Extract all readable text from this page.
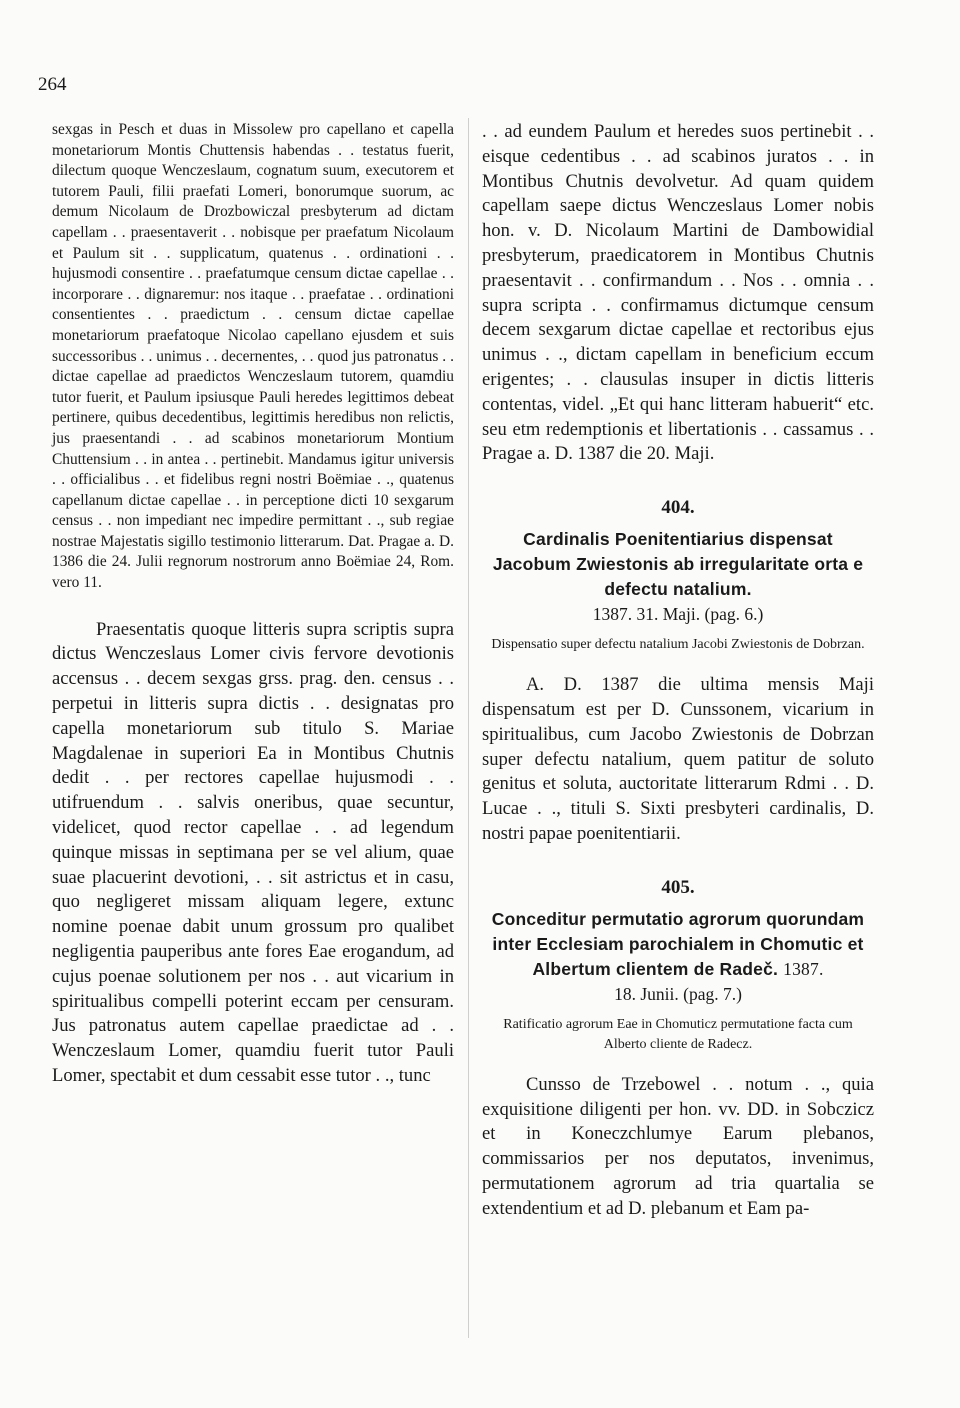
264

sexgas in Pesch et duas in Missolew pro capellano et capella monetariorum Montis Chuttensis habendas . . testatus fuerit, dilectum quoque Wenczeslaum, cognatum suum, executorem et tutorem Pauli, filii praefati Lomeri, bonorumque suorum, ac demum Nicolaum de Drozbowiczal presbyterum ad dictam capellam . . praesentaverit . . nobisque per praefatum Nicolaum et Paulum sit . . supplicatum, quatenus . . ordinationi . . hujusmodi consentire . . praefatumque censum dictae capellae . . incorporare . . dignaremur: nos itaque . . praefatae . . ordinationi consentientes . . praedictum . . censum dictae capellae monetariorum praefatoque Nicolao capellano ejusdem et suis successoribus . . unimus . . decernentes, . . quod jus patronatus . . dictae capellae ad praedictos Wenczeslaum tutorem, quamdiu tutor fuerit, et Paulum ipsiusque Pauli heredes legittimos debeat pertinere, quibus decedentibus, legittimis heredibus non relictis, jus praesentandi . . ad scabinos monetariorum Montium Chuttensium . . in antea . . pertinebit. Mandamus igitur universis . . officialibus . . et fidelibus regni nostri Boëmiae . ., quatenus capellanum dictae capellae . . in perceptione dicti 10 sexgarum census . . non impediant nec impedire permittant . ., sub regiae nostrae Majestatis sigillo testimonio litterarum. Dat. Pragae a. D. 1386 die 24. Julii regnorum nostrorum anno Boëmiae 24, Rom. vero 11.

Praesentatis quoque litteris supra scriptis supra dictus Wenczeslaus Lomer civis fervore devotionis accensus . . decem sexgas grss. prag. den. census . . perpetui in litteris supra dictis . . designatas pro capella monetariorum sub titulo S. Mariae Magdalenae in superiori Ea in Montibus Chutnis dedit . . per rectores capellae hujusmodi . . utifruendum . . salvis oneribus, quae secuntur, videlicet, quod rector capellae . . ad legendum quinque missas in septimana per se vel alium, quae suae placuerint devotioni, . . sit astrictus et in casu, quo negligeret missam aliquam legere, extunc nomine poenae dabit unum grossum pro qualibet negligentia pauperibus ante fores Eae erogandum, ad cujus poenae solutionem per nos . . aut vicarium in spiritualibus compelli poterint eccam per censuram. Jus patronatus autem capellae praedictae ad . . Wenczeslaum Lomer, quamdiu fuerit tutor Pauli Lomer, spectabit et dum cessabit esse tutor . ., tunc

. . ad eundem Paulum et heredes suos pertinebit . . eisque cedentibus . . ad scabinos juratos . . in Montibus Chutnis devolvetur. Ad quam quidem capellam saepe dictus Wenczeslaus Lomer nobis hon. v. D. Nicolaum Martini de Dambowidial presbyterum, praedicatorem in Montibus Chutnis praesentavit . . confirmandum . . Nos . . omnia . . supra scripta . . confirmamus dictumque censum decem sexgarum dictae capellae et rectoribus ejus unimus . ., dictam capellam in beneficium eccum erigentes; . . clausulas insuper in dictis litteris contentas, videl. „Et qui hanc litteram habuerit“ etc. seu etm redemptionis et libertationis . . cassamus . . Pragae a. D. 1387 die 20. Maji.

404.
Cardinalis Poenitentiarius dispensat Jacobum Zwiestonis ab irregularitate orta e defectu natalium.
1387. 31. Maji. (pag. 6.)
Dispensatio super defectu natalium Jacobi Zwiestonis de Dobrzan.

A. D. 1387 die ultima mensis Maji dispensatum est per D. Cunssonem, vicarium in spiritualibus, cum Jacobo Zwiestonis de Dobrzan super defectu natalium, quem patitur de soluto genitus et soluta, auctoritate litterarum Rdmi . . D. Lucae . ., tituli S. Sixti presbyteri cardinalis, D. nostri papae poenitentiarii.

405.
Conceditur permutatio agrorum quorundam inter Ecclesiam parochialem in Chomutic et Albertum clientem de Radeč. 1387.
18. Junii. (pag. 7.)
Ratificatio agrorum Eae in Chomuticz permutatione facta cum Alberto cliente de Radecz.

Cunsso de Trzebowel . . notum . ., quia exquisitione diligenti per hon. vv. DD. in Sobczicz et in Koneczchlumye Earum plebanos, commissarios per nos deputatos, invenimus, permutationem agrorum ad tria quartalia se extendentium et ad D. plebanum et Eam pa-
